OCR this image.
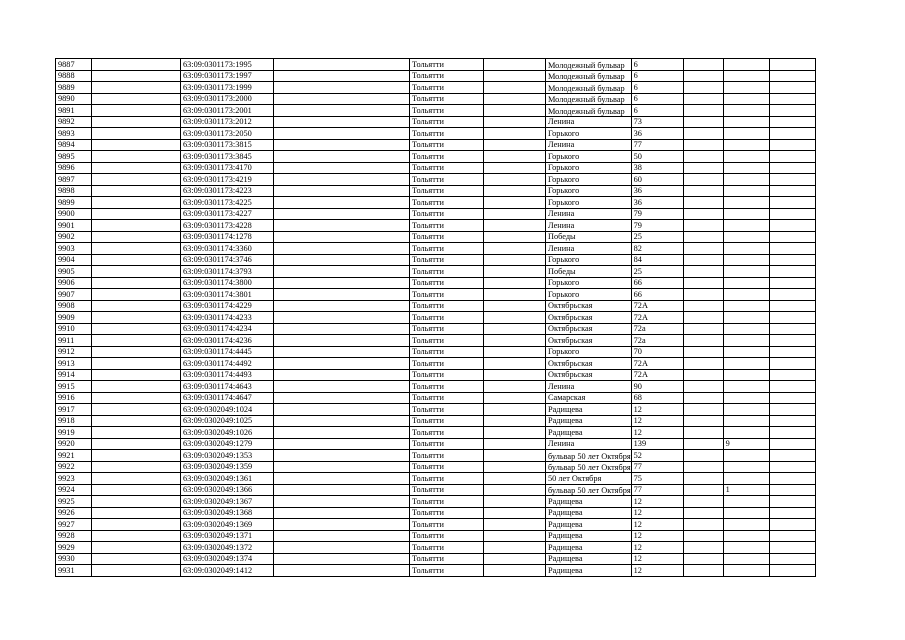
9887		63:09:0301173:1995		Тольятти		Молодежный бульвар	6			
9888		63:09:0301173:1997		Тольятти		Молодежный бульвар	6			
9889		63:09:0301173:1999		Тольятти		Молодежный бульвар	6			
9890		63:09:0301173:2000		Тольятти		Молодежный бульвар	6			
9891		63:09:0301173:2001		Тольятти		Молодежный бульвар	6			
9892		63:09:0301173:2012		Тольятти		Ленина	73			
9893		63:09:0301173:2050		Тольятти		Горького	36			
9894		63:09:0301173:3815		Тольятти		Ленина	77			
9895		63:09:0301173:3845		Тольятти		Горького	50			
9896		63:09:0301173:4170		Тольятти		Горького	38			
9897		63:09:0301173:4219		Тольятти		Горького	60			
9898		63:09:0301173:4223		Тольятти		Горького	36			
9899		63:09:0301173:4225		Тольятти		Горького	36			
9900		63:09:0301173:4227		Тольятти		Ленина	79			
9901		63:09:0301173:4228		Тольятти		Ленина	79			
9902		63:09:0301174:1278		Тольятти		Победы	25			
9903		63:09:0301174:3360		Тольятти		Ленина	82			
9904		63:09:0301174:3746		Тольятти		Горького	84			
9905		63:09:0301174:3793		Тольятти		Победы	25			
9906		63:09:0301174:3800		Тольятти		Горького	66			
9907		63:09:0301174:3801		Тольятти		Горького	66			
9908		63:09:0301174:4229		Тольятти		Октябрьская	72А			
9909		63:09:0301174:4233		Тольятти		Октябрьская	72А			
9910		63:09:0301174:4234		Тольятти		Октябрьская	72а			
9911		63:09:0301174:4236		Тольятти		Октябрьская	72а			
9912		63:09:0301174:4445		Тольятти		Горького	70			
9913		63:09:0301174:4492		Тольятти		Октябрьская	72А			
9914		63:09:0301174:4493		Тольятти		Октябрьская	72А			
9915		63:09:0301174:4643		Тольятти		Ленина	90			
9916		63:09:0301174:4647		Тольятти		Самарская	68			
9917		63:09:0302049:1024		Тольятти		Радищева	12			
9918		63:09:0302049:1025		Тольятти		Радищева	12			
9919		63:09:0302049:1026		Тольятти		Радищева	12			
9920		63:09:0302049:1279		Тольятти		Ленина	139		9	
9921		63:09:0302049:1353		Тольятти		бульвар 50 лет Октября	52			
9922		63:09:0302049:1359		Тольятти		бульвар 50 лет Октября	77			
9923		63:09:0302049:1361		Тольятти		50 лет Октября	75			
9924		63:09:0302049:1366		Тольятти		бульвар 50 лет Октября	77		1	
9925		63:09:0302049:1367		Тольятти		Радищева	12			
9926		63:09:0302049:1368		Тольятти		Радищева	12			
9927		63:09:0302049:1369		Тольятти		Радищева	12			
9928		63:09:0302049:1371		Тольятти		Радищева	12			
9929		63:09:0302049:1372		Тольятти		Радищева	12			
9930		63:09:0302049:1374		Тольятти		Радищева	12			
9931		63:09:0302049:1412		Тольятти		Радищева	12			
